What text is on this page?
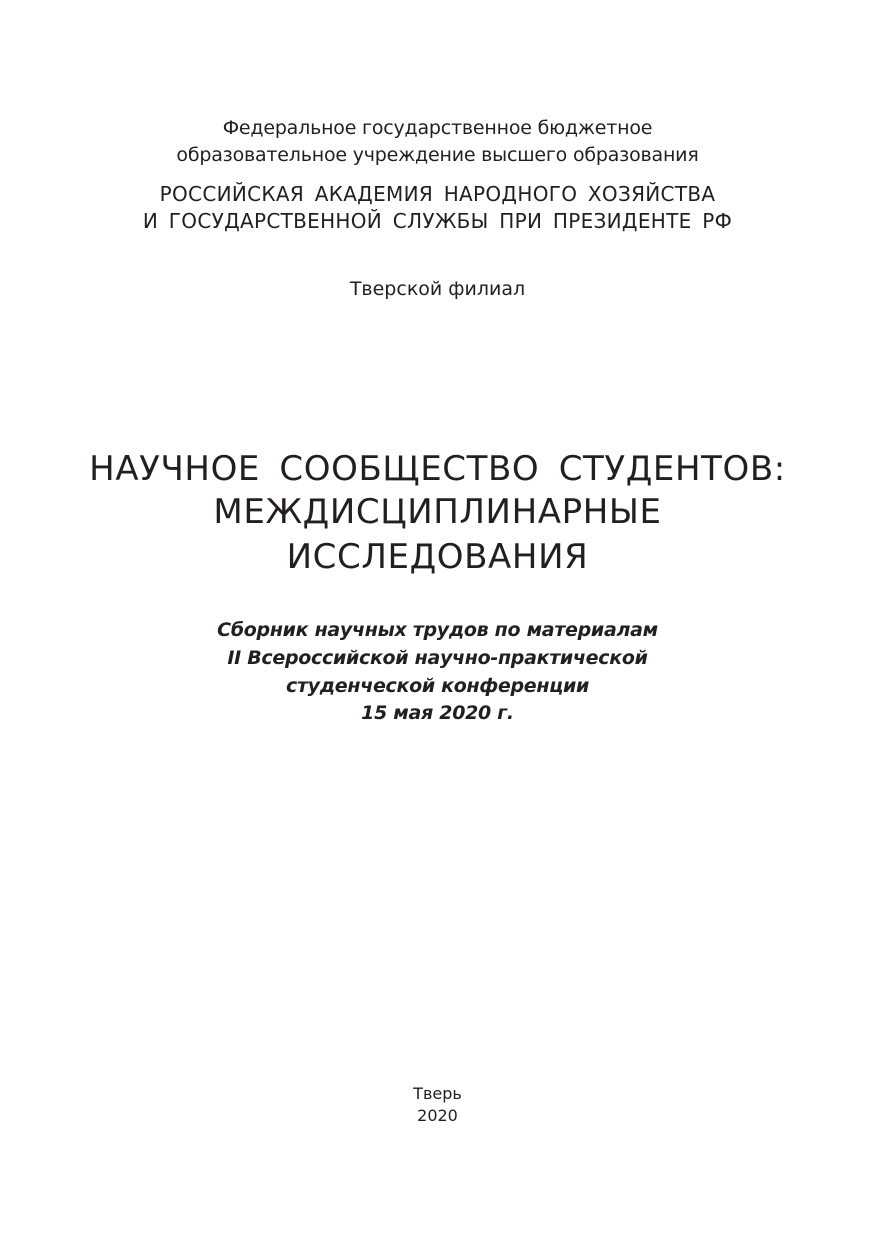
Федеральное государственное бюджетное
образовательное учреждение высшего образования
РОССИЙСКАЯ АКАДЕМИЯ НАРОДНОГО ХОЗЯЙСТВА
И ГОСУДАРСТВЕННОЙ СЛУЖБЫ ПРИ ПРЕЗИДЕНТЕ РФ
Тверской филиал
НАУЧНОЕ СООБЩЕСТВО СТУДЕНТОВ:
МЕЖДИСЦИПЛИНАРНЫЕ
ИССЛЕДОВАНИЯ
Сборник научных трудов по материалам
II Всероссийской научно-практической
студенческой конференции
15 мая 2020 г.
Тверь
2020
